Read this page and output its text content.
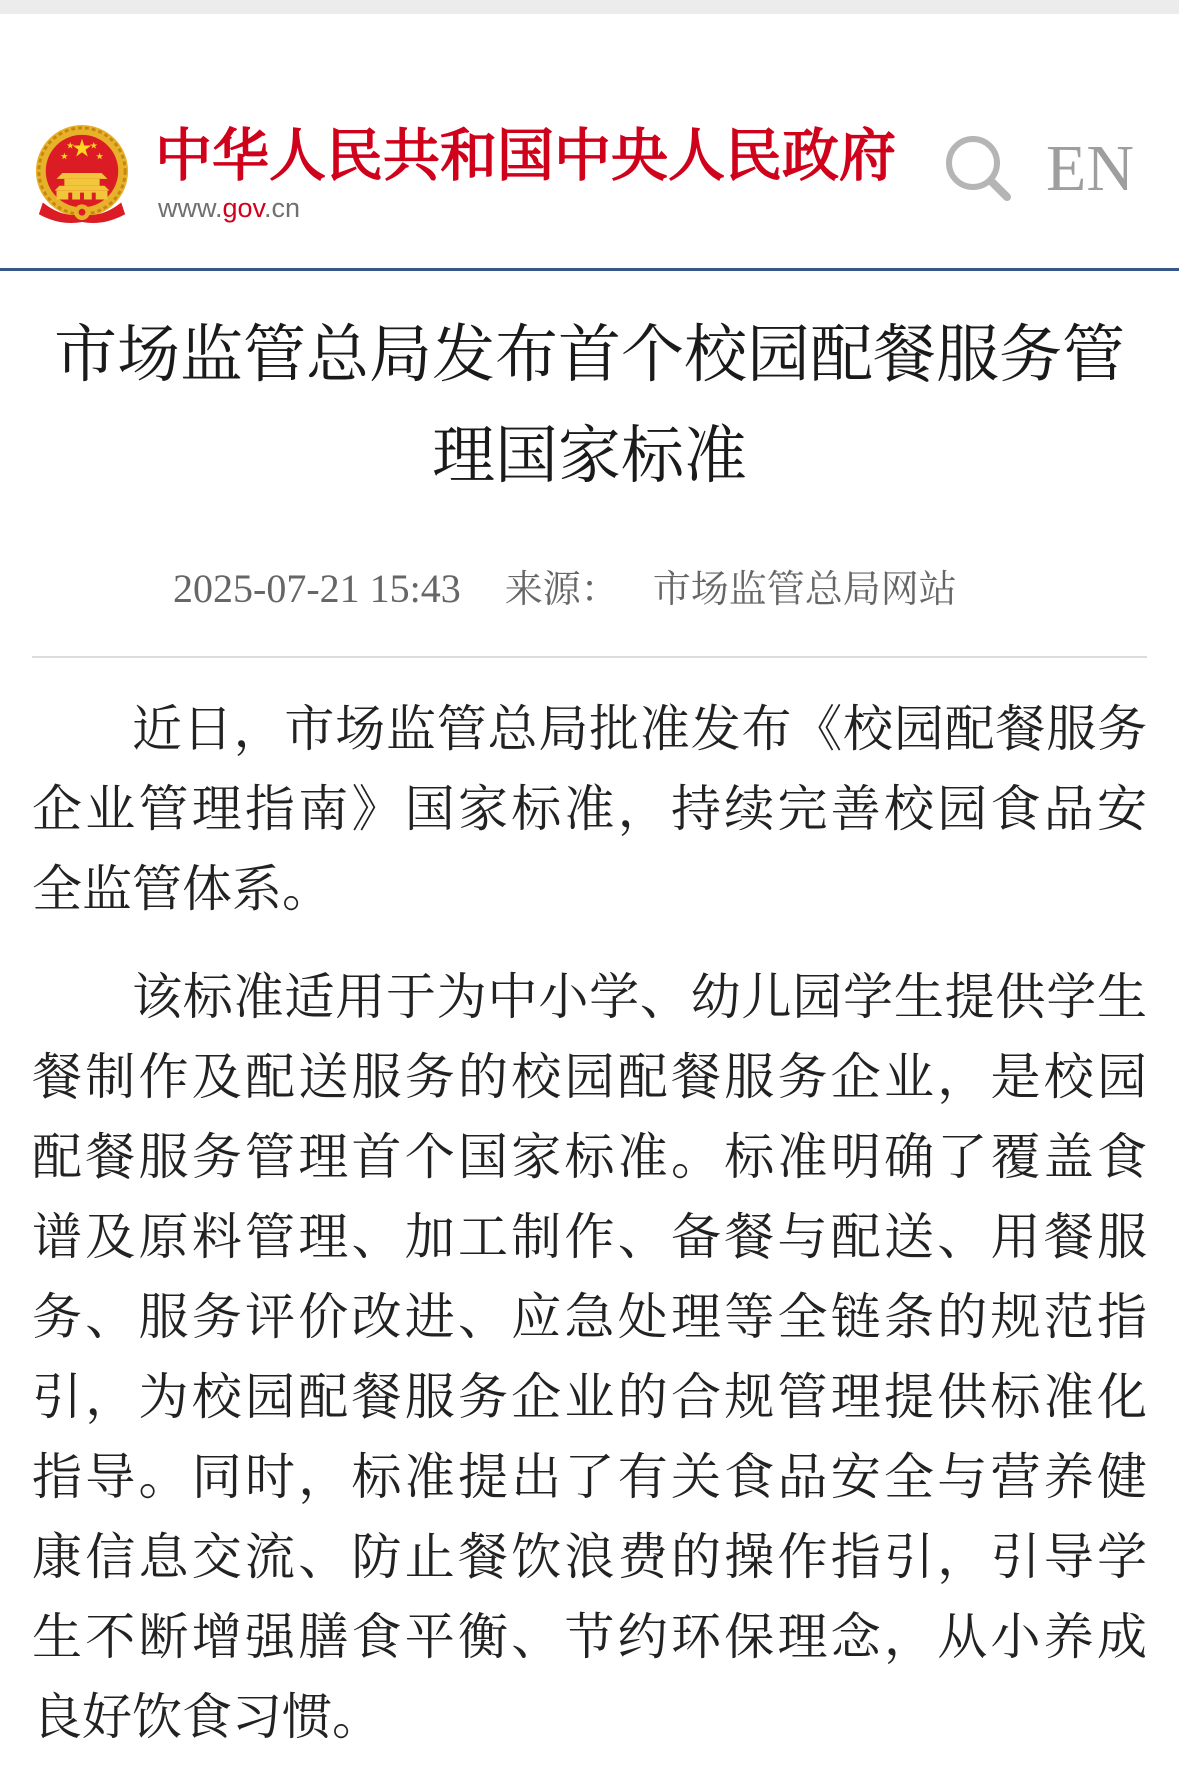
中华人民共和国中央人民政府
www.gov.cn
EN
市场监管总局发布首个校园配餐服务管理国家标准
2025-07-21 15:43 来源： 市场监管总局网站
近日，市场监管总局批准发布《校园配餐服务
企业管理指南》国家标准，持续完善校园食品安
全监管体系。
该标准适用于为中小学、幼儿园学生提供学生
餐制作及配送服务的校园配餐服务企业，是校园
配餐服务管理首个国家标准。标准明确了覆盖食
谱及原料管理、加工制作、备餐与配送、用餐服
务、服务评价改进、应急处理等全链条的规范指
引，为校园配餐服务企业的合规管理提供标准化
指导。同时，标准提出了有关食品安全与营养健
康信息交流、防止餐饮浪费的操作指引，引导学
生不断增强膳食平衡、节约环保理念，从小养成
良好饮食习惯。
